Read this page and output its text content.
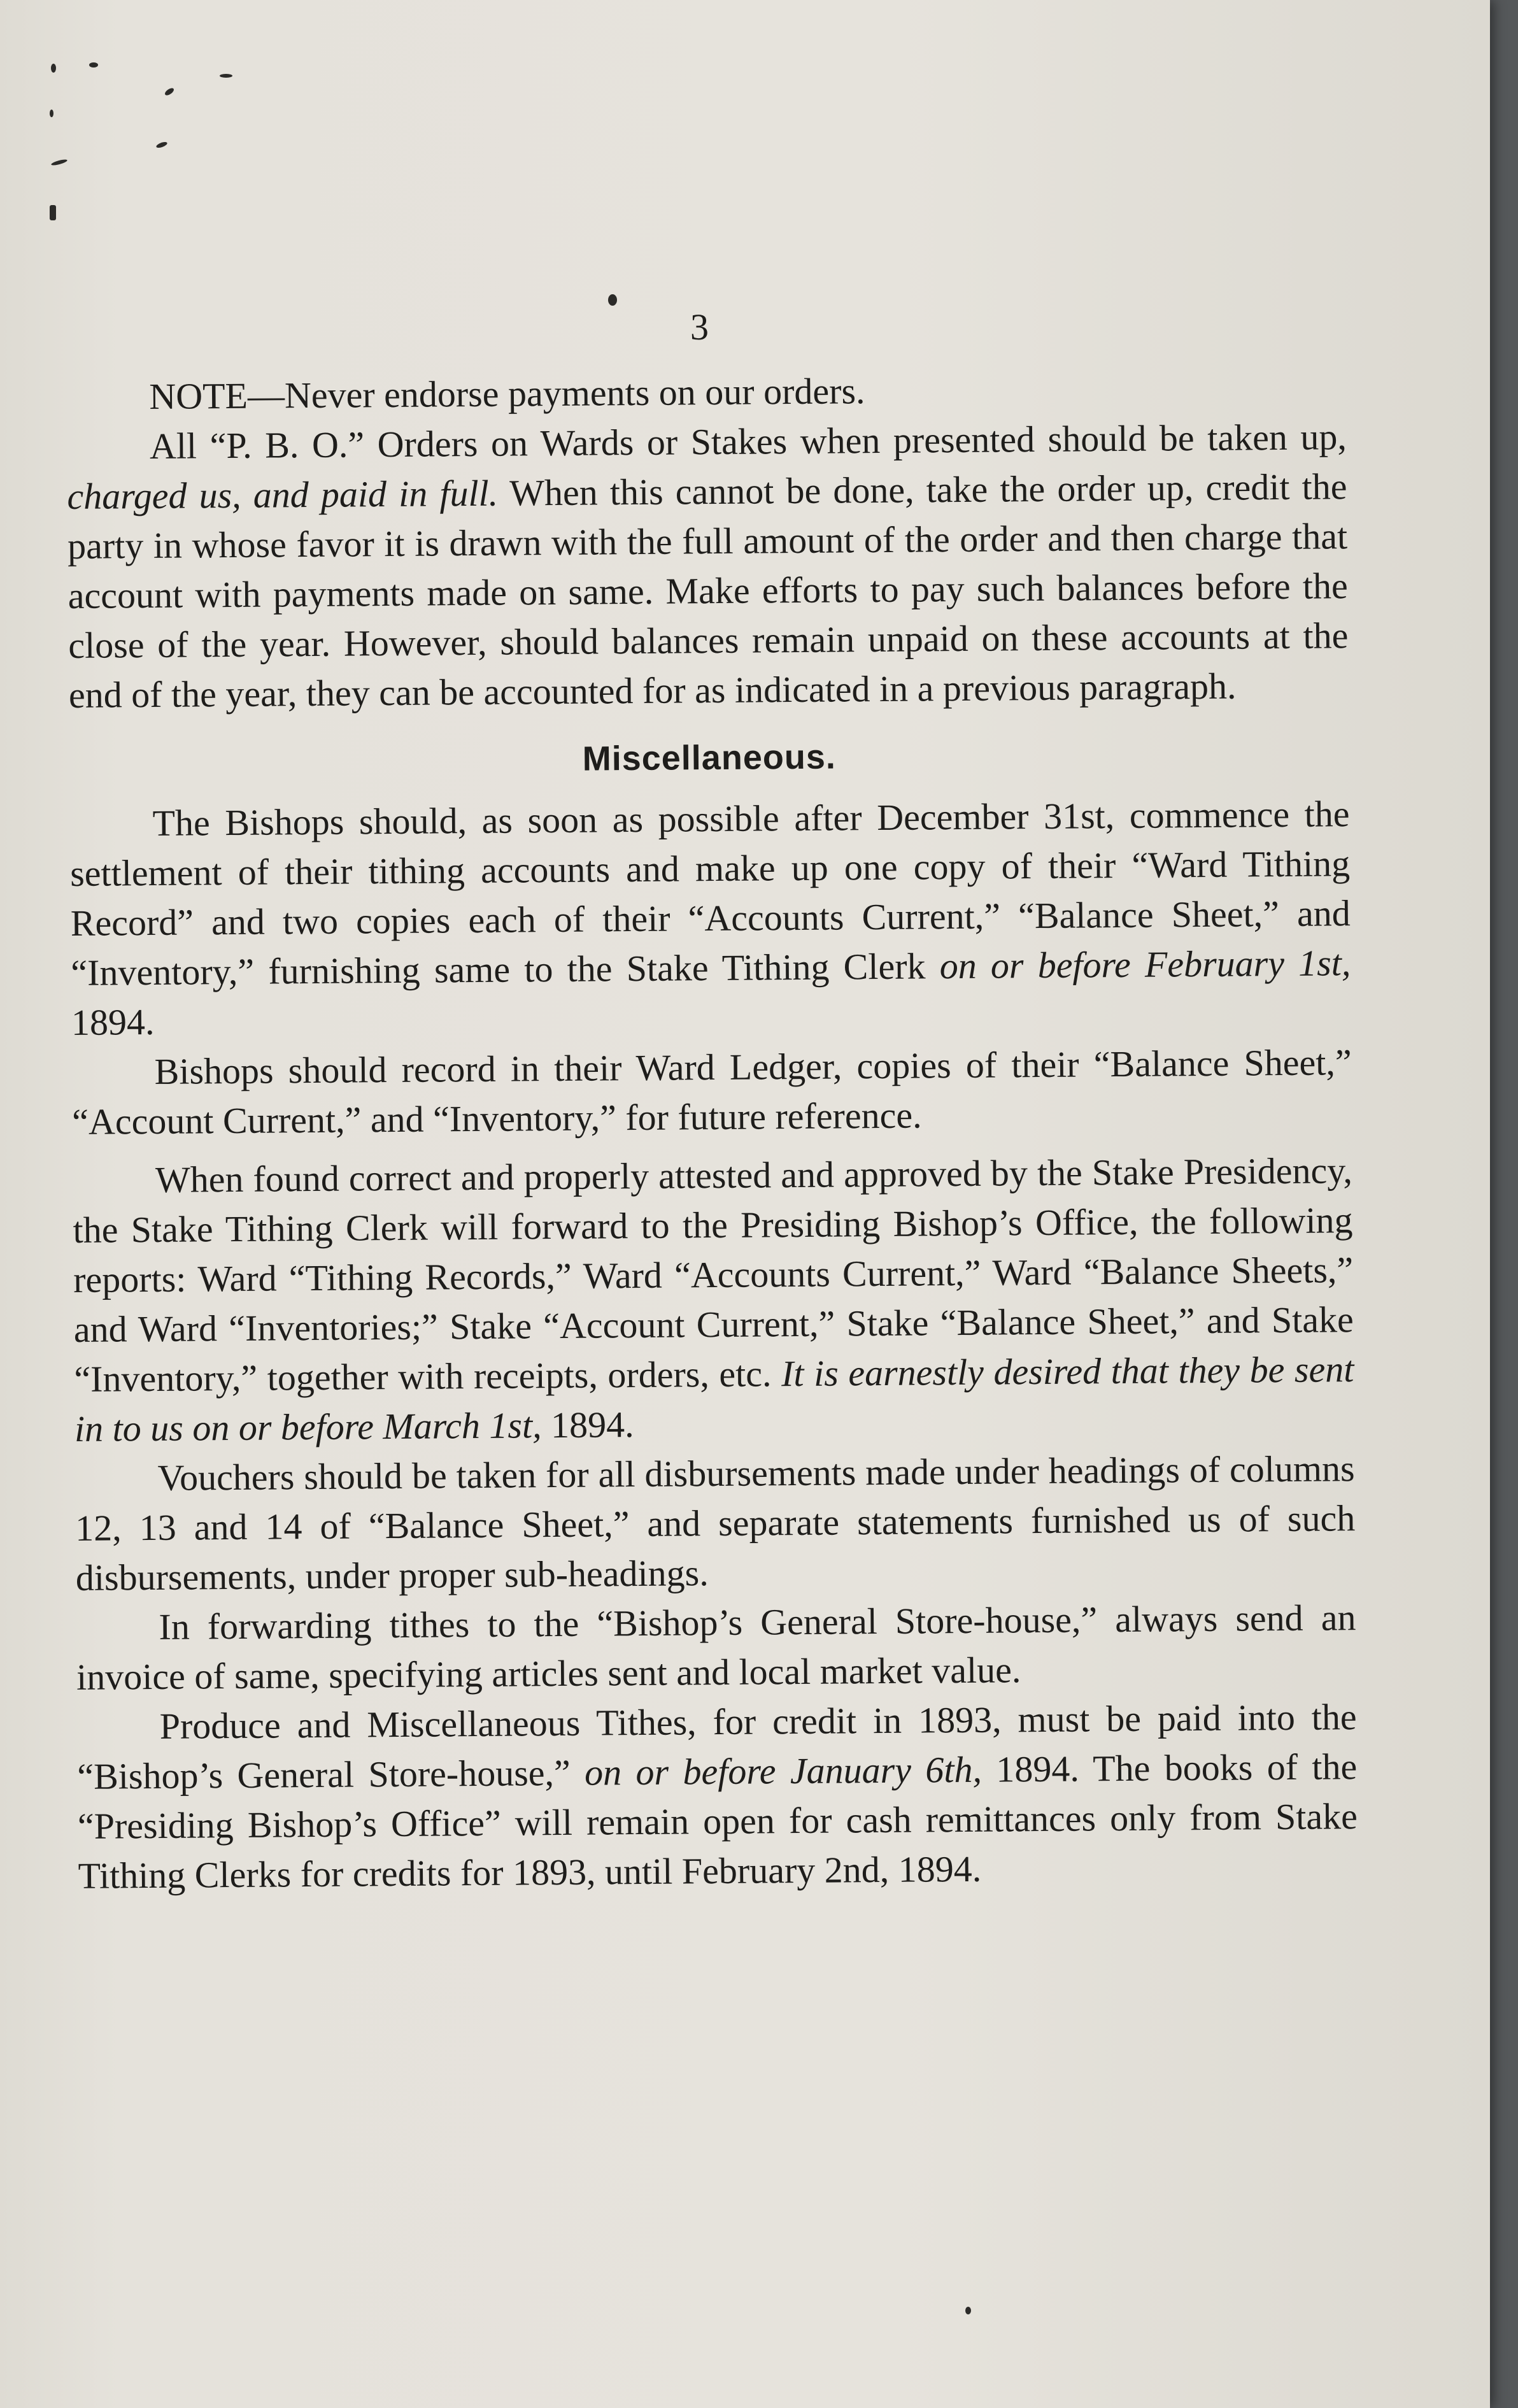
3

NOTE—Never endorse payments on our orders.

All “P. B. O.” Orders on Wards or Stakes when presented should be taken up, charged us, and paid in full. When this cannot be done, take the order up, credit the party in whose favor it is drawn with the full amount of the order and then charge that account with payments made on same. Make efforts to pay such balances before the close of the year. However, should balances remain unpaid on these accounts at the end of the year, they can be accounted for as indicated in a previous paragraph.

Miscellaneous.

The Bishops should, as soon as possible after December 31st, commence the settlement of their tithing accounts and make up one copy of their “Ward Tithing Record” and two copies each of their “Accounts Current,” “Balance Sheet,” and “Inventory,” furnishing same to the Stake Tithing Clerk on or before February 1st, 1894.

Bishops should record in their Ward Ledger, copies of their “Balance Sheet,” “Account Current,” and “Inventory,” for future reference.

When found correct and properly attested and approved by the Stake Presidency, the Stake Tithing Clerk will forward to the Presiding Bishop’s Office, the following reports: Ward “Tithing Records,” Ward “Accounts Current,” Ward “Balance Sheets,” and Ward “Inventories;” Stake “Account Current,” Stake “Balance Sheet,” and Stake “Inventory,” together with receipts, orders, etc. It is earnestly desired that they be sent in to us on or before March 1st, 1894.

Vouchers should be taken for all disbursements made under headings of columns 12, 13 and 14 of “Balance Sheet,” and separate statements furnished us of such disbursements, under proper sub-headings.

In forwarding tithes to the “Bishop’s General Store-house,” always send an invoice of same, specifying articles sent and local market value.

Produce and Miscellaneous Tithes, for credit in 1893, must be paid into the “Bishop’s General Store-house,” on or before January 6th, 1894. The books of the “Presiding Bishop’s Office” will remain open for cash remittances only from Stake Tithing Clerks for credits for 1893, until February 2nd, 1894.
